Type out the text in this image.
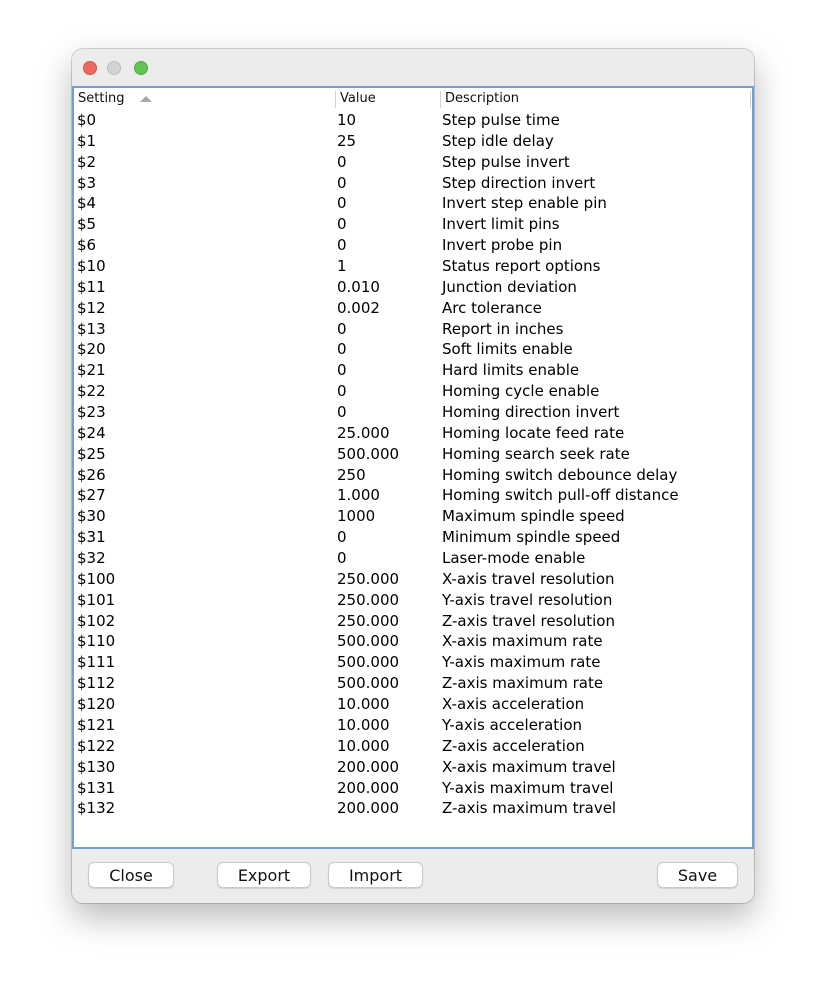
Setting	Value	Description
$0	10	Step pulse time
$1	25	Step idle delay
$2	0	Step pulse invert
$3	0	Step direction invert
$4	0	Invert step enable pin
$5	0	Invert limit pins
$6	0	Invert probe pin
$10	1	Status report options
$11	0.010	Junction deviation
$12	0.002	Arc tolerance
$13	0	Report in inches
$20	0	Soft limits enable
$21	0	Hard limits enable
$22	0	Homing cycle enable
$23	0	Homing direction invert
$24	25.000	Homing locate feed rate
$25	500.000	Homing search seek rate
$26	250	Homing switch debounce delay
$27	1.000	Homing switch pull-off distance
$30	1000	Maximum spindle speed
$31	0	Minimum spindle speed
$32	0	Laser-mode enable
$100	250.000	X-axis travel resolution
$101	250.000	Y-axis travel resolution
$102	250.000	Z-axis travel resolution
$110	500.000	X-axis maximum rate
$111	500.000	Y-axis maximum rate
$112	500.000	Z-axis maximum rate
$120	10.000	X-axis acceleration
$121	10.000	Y-axis acceleration
$122	10.000	Z-axis acceleration
$130	200.000	X-axis maximum travel
$131	200.000	Y-axis maximum travel
$132	200.000	Z-axis maximum travel
Close	Export	Import	Save
